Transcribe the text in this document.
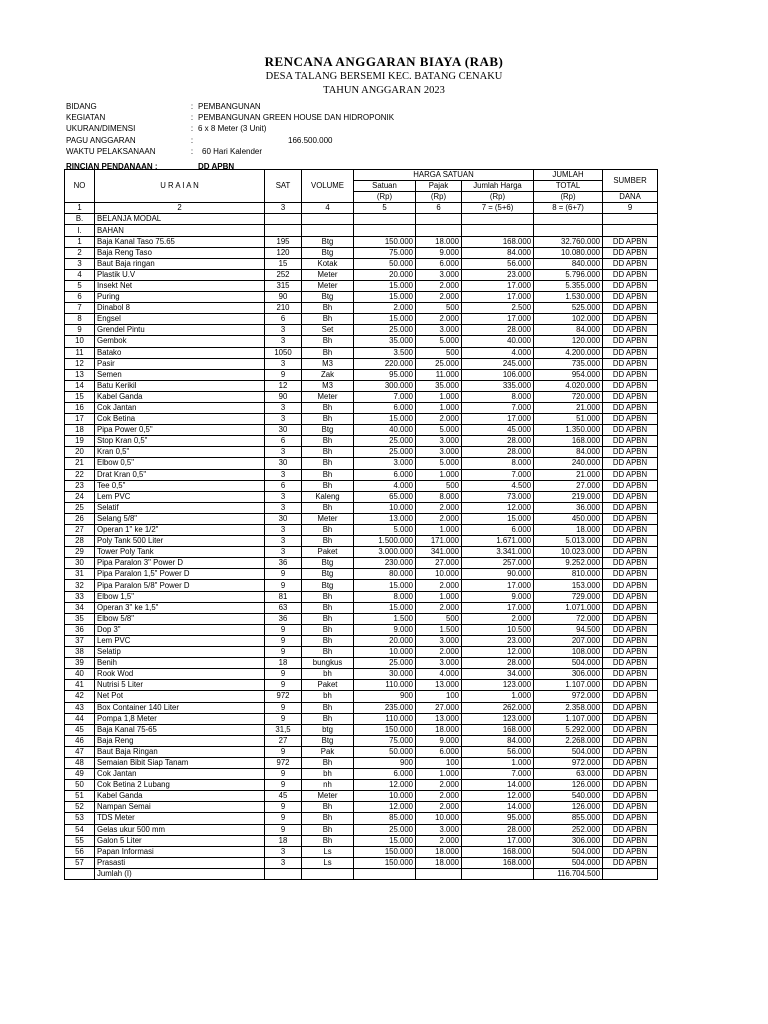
RENCANA ANGGARAN BIAYA (RAB)
DESA TALANG BERSEMI KEC. BATANG CENAKU
TAHUN ANGGARAN 2023
BIDANG	: PEMBANGUNAN
KEGIATAN	: PEMBANGUNAN GREEN HOUSE DAN HIDROPONIK
UKURAN/DIMENSI	: 6 x 8 Meter (3 Unit)
PAGU ANGGARAN	:	166.500.000
WAKTU PELAKSANAAN	:	60 Hari Kalender
RINCIAN PENDANAAN :	DD APBN
NO	U R A I A N	SAT	VOLUME	HARGA SATUAN			JUMLAH	SUMBER
				Satuan	Pajak	Jumlah Harga	TOTAL	
				(Rp)	(Rp)	(Rp)	(Rp)	DANA
1	2	3	4	5	6	7 = (5+6)	8 = (6+7)	9
B.	BELANJA MODAL							
I.	BAHAN							
1	Baja Kanal Taso 75.65	195	Btg	150.000	18.000	168.000	32.760.000	DD APBN
2	Baja Reng Taso	120	Btg	75.000	9.000	84.000	10.080.000	DD APBN
3	Baut Baja ringan	15	Kotak	50.000	6.000	56.000	840.000	DD APBN
4	Plastik U.V	252	Meter	20.000	3.000	23.000	5.796.000	DD APBN
5	Insekt Net	315	Meter	15.000	2.000	17.000	5.355.000	DD APBN
6	Puring	90	Btg	15.000	2.000	17.000	1.530.000	DD APBN
7	Dinabol 8	210	Bh	2.000	500	2.500	525.000	DD APBN
8	Engsel	6	Bh	15.000	2.000	17.000	102.000	DD APBN
9	Grendel Pintu	3	Set	25.000	3.000	28.000	84.000	DD APBN
10	Gembok	3	Bh	35.000	5.000	40.000	120.000	DD APBN
11	Batako	1050	Bh	3.500	500	4.000	4.200.000	DD APBN
12	Pasir	3	M3	220.000	25.000	245.000	735.000	DD APBN
13	Semen	9	Zak	95.000	11.000	106.000	954.000	DD APBN
14	Batu Kerikil	12	M3	300.000	35.000	335.000	4.020.000	DD APBN
15	Kabel Ganda	90	Meter	7.000	1.000	8.000	720.000	DD APBN
16	Cok Jantan	3	Bh	6.000	1.000	7.000	21.000	DD APBN
17	Cok Betina	3	Bh	15.000	2.000	17.000	51.000	DD APBN
18	Pipa Power 0,5"	30	Btg	40.000	5.000	45.000	1.350.000	DD APBN
19	Stop Kran 0,5"	6	Bh	25.000	3.000	28.000	168.000	DD APBN
20	Kran 0,5"	3	Bh	25.000	3.000	28.000	84.000	DD APBN
21	Elbow 0,5"	30	Bh	3.000	5.000	8.000	240.000	DD APBN
22	Drat Kran 0,5"	3	Bh	6.000	1.000	7.000	21.000	DD APBN
23	Tee 0,5"	6	Bh	4.000	500	4.500	27.000	DD APBN
24	Lem PVC	3	Kaleng	65.000	8.000	73.000	219.000	DD APBN
25	Selatif	3	Bh	10.000	2.000	12.000	36.000	DD APBN
26	Selang 5/8"	30	Meter	13.000	2.000	15.000	450.000	DD APBN
27	Operan 1" ke 1/2"	3	Bh	5.000	1.000	6.000	18.000	DD APBN
28	Poly Tank 500 Liter	3	Bh	1.500.000	171.000	1.671.000	5.013.000	DD APBN
29	Tower Poly Tank	3	Paket	3.000.000	341.000	3.341.000	10.023.000	DD APBN
30	Pipa Paralon 3" Power D	36	Btg	230.000	27.000	257.000	9.252.000	DD APBN
31	Pipa Paralon 1,5" Power D	9	Btg	80.000	10.000	90.000	810.000	DD APBN
32	Pipa Paralon 5/8" Power D	9	Btg	15.000	2.000	17.000	153.000	DD APBN
33	Elbow 1,5"	81	Bh	8.000	1.000	9.000	729.000	DD APBN
34	Operan 3" ke 1,5"	63	Bh	15.000	2.000	17.000	1.071.000	DD APBN
35	Elbow 5/8"	36	Bh	1.500	500	2.000	72.000	DD APBN
36	Dop 3"	9	Bh	9.000	1.500	10.500	94.500	DD APBN
37	Lem PVC	9	Bh	20.000	3.000	23.000	207.000	DD APBN
38	Selatip	9	Bh	10.000	2.000	12.000	108.000	DD APBN
39	Benih	18	bungkus	25.000	3.000	28.000	504.000	DD APBN
40	Rook Wod	9	bh	30.000	4.000	34.000	306.000	DD APBN
41	Nutrisi 5 Liter	9	Paket	110.000	13.000	123.000	1.107.000	DD APBN
42	Net Pot	972	bh	900	100	1.000	972.000	DD APBN
43	Box Container 140 Liter	9	Bh	235.000	27.000	262.000	2.358.000	DD APBN
44	Pompa 1,8 Meter	9	Bh	110.000	13.000	123.000	1.107.000	DD APBN
45	Baja Kanal 75-65	31,5	btg	150.000	18.000	168.000	5.292.000	DD APBN
46	Baja Reng	27	Btg	75.000	9.000	84.000	2.268.000	DD APBN
47	Baut Baja Ringan	9	Pak	50.000	6.000	56.000	504.000	DD APBN
48	Semaian Bibit Siap Tanam	972	Bh	900	100	1.000	972.000	DD APBN
49	Cok Jantan	9	bh	6.000	1.000	7.000	63.000	DD APBN
50	Cok Betina 2 Lubang	9	nh	12.000	2.000	14.000	126.000	DD APBN
51	Kabel Ganda	45	Meter	10.000	2.000	12.000	540.000	DD APBN
52	Nampan Semai	9	Bh	12.000	2.000	14.000	126.000	DD APBN
53	TDS Meter	9	Bh	85.000	10.000	95.000	855.000	DD APBN
54	Gelas ukur 500 mm	9	Bh	25.000	3.000	28.000	252.000	DD APBN
55	Galon 5 Liter	18	Bh	15.000	2.000	17.000	306.000	DD APBN
56	Papan Informasi	3	Ls	150.000	18.000	168.000	504.000	DD APBN
57	Prasasti	3	Ls	150.000	18.000	168.000	504.000	DD APBN
	Jumlah (I)						116.704.500	
